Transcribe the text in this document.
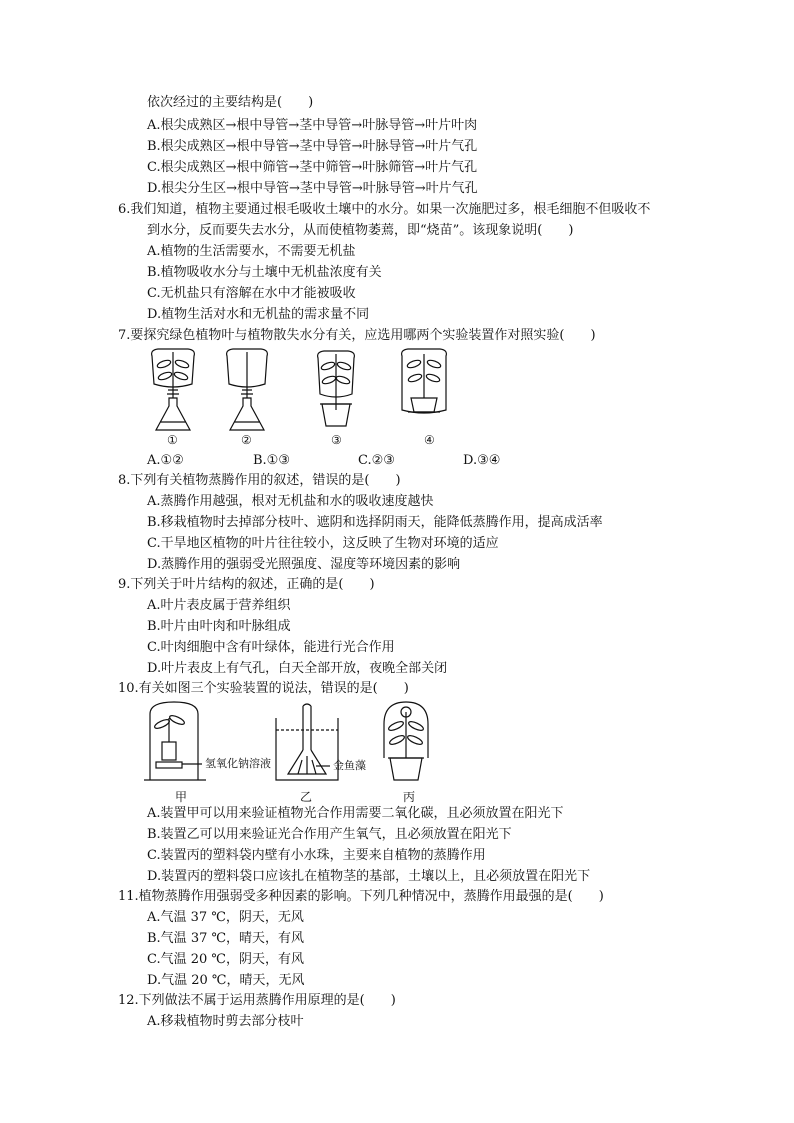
依次经过的主要结构是(　　)
A.根尖成熟区→根中导管→茎中导管→叶脉导管→叶片叶肉
B.根尖成熟区→根中导管→茎中导管→叶脉导管→叶片气孔
C.根尖成熟区→根中筛管→茎中筛管→叶脉筛管→叶片气孔
D.根尖分生区→根中导管→茎中导管→叶脉导管→叶片气孔
6.我们知道，植物主要通过根毛吸收土壤中的水分。如果一次施肥过多，根毛细胞不但吸收不
到水分，反而要失去水分，从而使植物萎蔫，即“烧苗”。该现象说明(　　)
A.植物的生活需要水，不需要无机盐
B.植物吸收水分与土壤中无机盐浓度有关
C.无机盐只有溶解在水中才能被吸收
D.植物生活对水和无机盐的需求量不同
7.要探究绿色植物叶与植物散失水分有关，应选用哪两个实验装置作对照实验(　　)
①	②	③	④
A.①②	B.①③	C.②③	D.③④
8.下列有关植物蒸腾作用的叙述，错误的是(　　)
A.蒸腾作用越强，根对无机盐和水的吸收速度越快
B.移栽植物时去掉部分枝叶、遮阴和选择阴雨天，能降低蒸腾作用，提高成活率
C.干旱地区植物的叶片往往较小，这反映了生物对环境的适应
D.蒸腾作用的强弱受光照强度、湿度等环境因素的影响
9.下列关于叶片结构的叙述，正确的是(　　)
A.叶片表皮属于营养组织
B.叶片由叶肉和叶脉组成
C.叶肉细胞中含有叶绿体，能进行光合作用
D.叶片表皮上有气孔，白天全部开放，夜晚全部关闭
10.有关如图三个实验装置的说法，错误的是(　　)
氢氧化钠溶液	金鱼藻
甲	乙	丙
A.装置甲可以用来验证植物光合作用需要二氧化碳，且必须放置在阳光下
B.装置乙可以用来验证光合作用产生氧气，且必须放置在阳光下
C.装置丙的塑料袋内壁有小水珠，主要来自植物的蒸腾作用
D.装置丙的塑料袋口应该扎在植物茎的基部，土壤以上，且必须放置在阳光下
11.植物蒸腾作用强弱受多种因素的影响。下列几种情况中，蒸腾作用最强的是(　　)
A.气温 37 ℃，阴天，无风
B.气温 37 ℃，晴天，有风
C.气温 20 ℃，阴天，有风
D.气温 20 ℃，晴天，无风
12.下列做法不属于运用蒸腾作用原理的是(　　)
A.移栽植物时剪去部分枝叶
